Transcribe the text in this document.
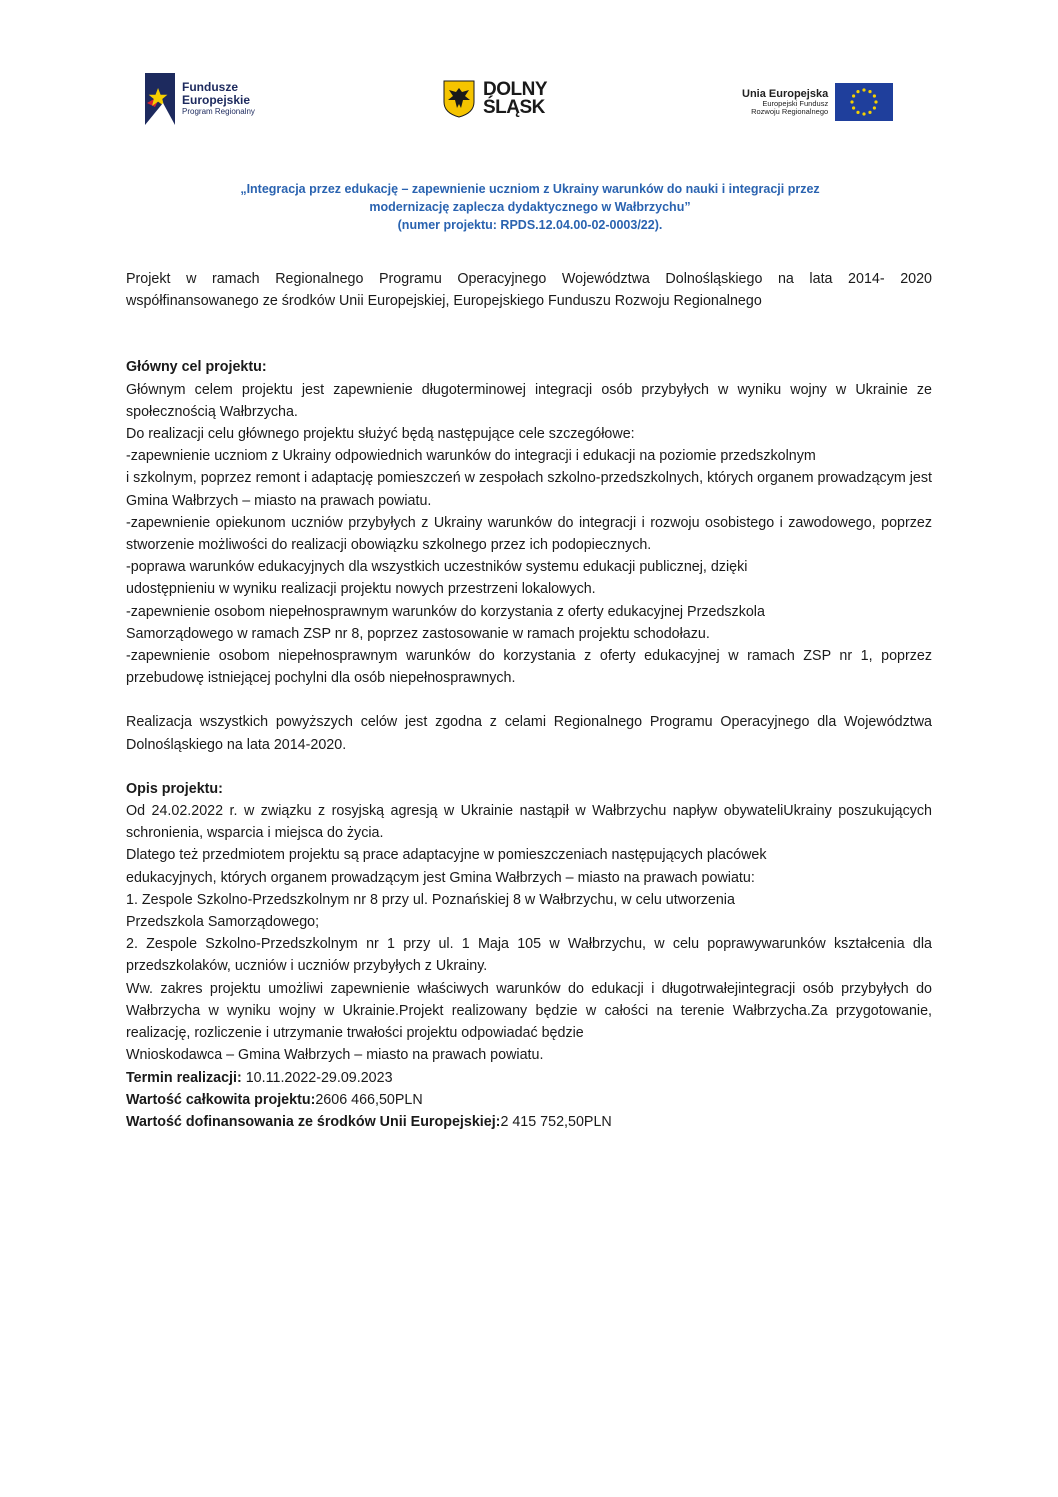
Fundusze
Europejskie
Program Regionalny
DOLNY
ŚLĄSK
Unia Europejska
Europejski Fundusz
Rozwoju Regionalnego
„Integracja przez edukację – zapewnienie uczniom z Ukrainy warunków do nauki i integracji przez
modernizację zaplecza dydaktycznego w Wałbrzychu”
(numer projektu: RPDS.12.04.00-02-0003/22).

Projekt w ramach Regionalnego Programu Operacyjnego Województwa Dolnośląskiego na lata 2014- 2020 współfinansowanego ze środków Unii Europejskiej, Europejskiego Funduszu Rozwoju Regionalnego

Główny cel projektu:

Głównym celem projektu jest zapewnienie długoterminowej integracji osób przybyłych w wyniku wojny w Ukrainie ze społecznością Wałbrzycha.

Do realizacji celu głównego projektu służyć będą następujące cele szczegółowe:

-zapewnienie uczniom z Ukrainy odpowiednich warunków do integracji i edukacji na poziomie przedszkolnym

i szkolnym, poprzez remont i adaptację pomieszczeń w zespołach szkolno-przedszkolnych, których organem prowadzącym jest Gmina Wałbrzych – miasto na prawach powiatu.

-zapewnienie opiekunom uczniów przybyłych z Ukrainy warunków do integracji i rozwoju osobistego i zawodowego, poprzez stworzenie możliwości do realizacji obowiązku szkolnego przez ich podopiecznych.

-poprawa warunków edukacyjnych dla wszystkich uczestników systemu edukacji publicznej, dzięki

udostępnieniu w wyniku realizacji projektu nowych przestrzeni lokalowych.

-zapewnienie osobom niepełnosprawnym warunków do korzystania z oferty edukacyjnej Przedszkola

Samorządowego w ramach ZSP nr 8, poprzez zastosowanie w ramach projektu schodołazu.

-zapewnienie osobom niepełnosprawnym warunków do korzystania z oferty edukacyjnej w ramach ZSP nr 1, poprzez przebudowę istniejącej pochylni dla osób niepełnosprawnych.

Realizacja wszystkich powyższych celów jest zgodna z celami Regionalnego Programu Operacyjnego dla Województwa Dolnośląskiego na lata 2014-2020.

Opis projektu:

Od 24.02.2022 r. w związku z rosyjską agresją w Ukrainie nastąpił w Wałbrzychu napływ obywateliUkrainy poszukujących schronienia, wsparcia i miejsca do życia.

Dlatego też przedmiotem projektu są prace adaptacyjne w pomieszczeniach następujących placówek

edukacyjnych, których organem prowadzącym jest Gmina Wałbrzych – miasto na prawach powiatu:

1. Zespole Szkolno-Przedszkolnym nr 8 przy ul. Poznańskiej 8 w Wałbrzychu, w celu utworzenia

Przedszkola Samorządowego;

2. Zespole Szkolno-Przedszkolnym nr 1 przy ul. 1 Maja 105 w Wałbrzychu, w celu poprawywarunków kształcenia dla przedszkolaków, uczniów i uczniów przybyłych z Ukrainy.

Ww. zakres projektu umożliwi zapewnienie właściwych warunków do edukacji i długotrwałejintegracji osób przybyłych do Wałbrzycha w wyniku wojny w Ukrainie.Projekt realizowany będzie w całości na terenie Wałbrzycha.Za przygotowanie, realizację, rozliczenie i utrzymanie trwałości projektu odpowiadać będzie

Wnioskodawca – Gmina Wałbrzych – miasto na prawach powiatu.

Termin realizacji: 10.11.2022-29.09.2023

Wartość całkowita projektu:2606 466,50PLN

Wartość dofinansowania ze środków Unii Europejskiej:2 415 752,50PLN
